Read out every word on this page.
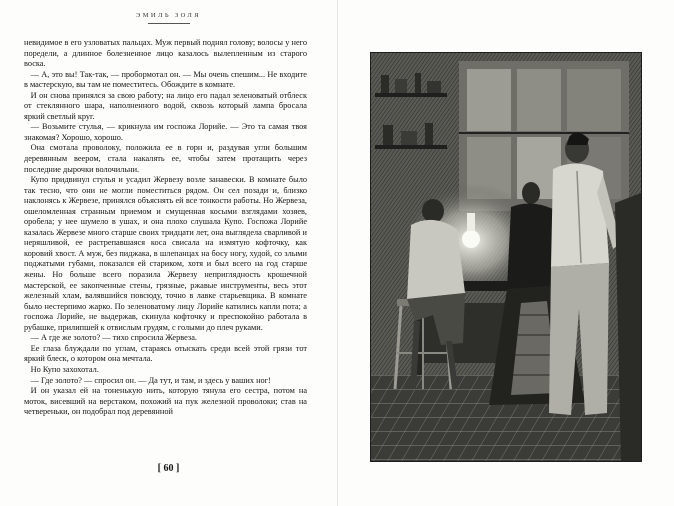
ЭМИЛЬ ЗОЛЯ

невидимое в его узловатых пальцах. Муж первый поднял голову; волосы у него поредели, а длинное болезненное лицо казалось вылепленным из старого воска.

— А, это вы! Так-так, — пробормотал он. — Мы очень спешим... Не входите в мастерскую, вы там не поместитесь. Обождите в комнате.

И он снова принялся за свою работу; на лицо его падал зеленоватый отблеск от стеклянного шара, наполненного водой, сквозь который лампа бросала яркий светлый круг.

— Возьмите стулья, — крикнула им госпожа Лорийе. — Это та самая твоя знакомая? Хорошо, хорошо.

Она смотала проволоку, положила ее в горн и, раздувая угли большим деревянным веером, стала накалять ее, чтобы затем протащить через последние дырочки волочильни.

Купо придвинул стулья и усадил Жервезу возле занавески. В комнате было так тесно, что они не могли поместиться рядом. Он сел позади и, близко наклонясь к Жервезе, принялся объяснять ей все тонкости работы. Но Жервеза, ошеломленная странным приемом и смущенная косыми взглядами хозяев, оробела; у нее шумело в ушах, и она плохо слушала Купо. Госпожа Лорийе казалась Жервезе много старше своих тридцати лет, она выглядела сварливой и неряшливой, ее растрепавшаяся коса свисала на измятую кофточку, как коровий хвост. А муж, без пиджака, в шлепанцах на босу ногу, худой, со злыми поджатыми губами, показался ей стариком, хотя и был всего на год старше жены. Но больше всего поразила Жервезу неприглядность крошечной мастерской, ее закопченные стены, грязные, ржавые инструменты, весь этот железный хлам, валявшийся повсюду, точно в лавке старьевщика. В комнате было нестерпимо жарко. По зеленоватому лицу Лорийе катились капли пота; а госпожа Лорийе, не выдержав, скинула кофточку и преспокойно работала в рубашке, прилипшей к отвислым грудям, с голыми до плеч руками.

— А где же золото? — тихо спросила Жервеза.

Ее глаза блуждали по углам, стараясь отыскать среди всей этой грязи тот яркий блеск, о котором она мечтала.

Но Купо захохотал.

— Где золото? — спросил он. — Да тут, и там, и здесь у ваших ног!

И он указал ей на тоненькую нить, которую тянула его сестра, потом на моток, висевший на верстаком, похожий на пук железной проволоки; став на четвереньки, он подобрал под деревянной

[ 60 ]
